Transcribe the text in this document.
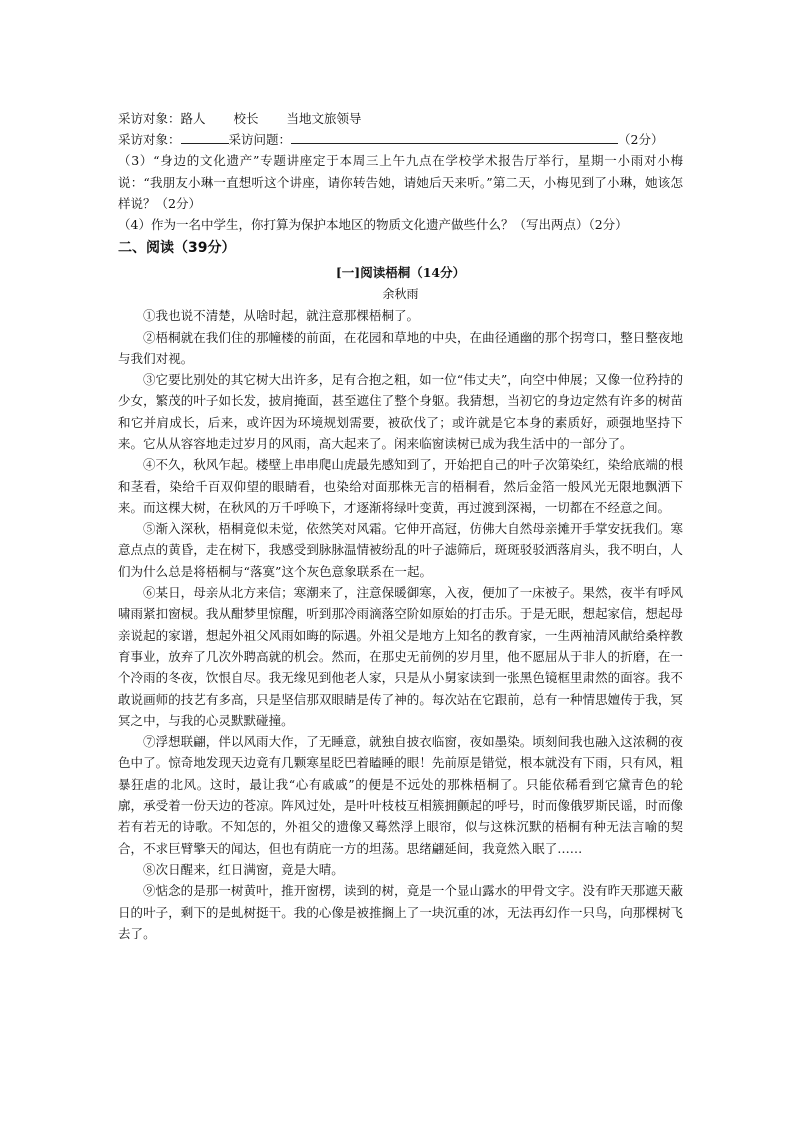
采访对象：路人 校长 当地文旅领导
采访对象：	采访问题：	（2分）
（3）“身边的文化遗产”专题讲座定于本周三上午九点在学校学术报告厅举行，星期一小雨对小梅说：“我朋友小琳一直想听这个讲座，请你转告她，请她后天来听。”第二天，小梅见到了小琳，她该怎样说？（2分）
（4）作为一名中学生，你打算为保护本地区的物质文化遗产做些什么？（写出两点）（2分）
二、阅读（39分）
[一]阅读梧桐（14分）
余秋雨
①我也说不清楚，从啥时起，就注意那棵梧桐了。
②梧桐就在我们住的那幢楼的前面，在花园和草地的中央，在曲径通幽的那个拐弯口，整日整夜地与我们对视。
③它要比别处的其它树大出许多，足有合抱之粗，如一位“伟丈夫”，向空中伸展；又像一位矜持的少女，繁茂的叶子如长发，披肩掩面，甚至遮住了整个身躯。我猜想，当初它的身边定然有许多的树苗和它并肩成长，后来，或许因为环境规划需要，被砍伐了；或许就是它本身的素质好，顽强地坚持下来。它从从容容地走过岁月的风雨，高大起来了。闲来临窗读树已成为我生活中的一部分了。
④不久，秋风乍起。楼壁上串串爬山虎最先感知到了，开始把自己的叶子次第染红，染给底端的根和茎看，染给千百双仰望的眼睛看，也染给对面那株无言的梧桐看，然后金箔一般风光无限地飘洒下来。而这棵大树，在秋风的万千呼唤下，才逐渐将绿叶变黄，再过渡到深褐，一切都在不经意之间。
⑤渐入深秋，梧桐竟似未觉，依然笑对风霜。它伸开高冠，仿佛大自然母亲摊开手掌安抚我们。寒意点点的黄昏，走在树下，我感受到脉脉温情被纷乱的叶子滤筛后，斑斑驳驳洒落肩头，我不明白，人们为什么总是将梧桐与“落寞”这个灰色意象联系在一起。
⑥某日，母亲从北方来信；寒潮来了，注意保暖御寒，入夜，便加了一床被子。果然，夜半有呼风啸雨紧扣窗棂。我从酣梦里惊醒，听到那冷雨滴落空阶如原始的打击乐。于是无眠，想起家信，想起母亲说起的家谱，想起外祖父风雨如晦的际遇。外祖父是地方上知名的教育家，一生两袖清风献给桑梓教育事业，放弃了几次外聘高就的机会。然而，在那史无前例的岁月里，他不愿屈从于非人的折磨，在一个冷雨的冬夜，饮恨自尽。我无缘见到他老人家，只是从小舅家读到一张黑色镜框里肃然的面容。我不敢说画师的技艺有多高，只是坚信那双眼睛是传了神的。每次站在它跟前，总有一种情思嬗传于我，冥冥之中，与我的心灵默默碰撞。
⑦浮想联翩，伴以风雨大作，了无睡意，就独自披衣临窗，夜如墨染。顷刻间我也融入这浓稠的夜色中了。惊奇地发现天边竟有几颗寒星眨巴着瞌睡的眼！先前原是错觉，根本就没有下雨，只有风，粗暴狂虐的北风。这时，最让我“心有戚戚”的便是不远处的那株梧桐了。只能依稀看到它黛青色的轮廓，承受着一份天边的苍凉。阵风过处，是叶叶枝枝互相簇拥颤起的呼号，时而像俄罗斯民谣，时而像若有若无的诗歌。不知怎的，外祖父的遗像又蓦然浮上眼帘，似与这株沉默的梧桐有种无法言喻的契合，不求巨臂擎天的闻达，但也有荫庇一方的坦荡。思绪翩延间，我竟然入眠了……
⑧次日醒来，红日满窗，竟是大晴。
⑨惦念的是那一树黄叶，推开窗楞，读到的树，竟是一个显山露水的甲骨文字。没有昨天那遮天蔽日的叶子，剩下的是虬树挺干。我的心像是被推搁上了一块沉重的冰，无法再幻作一只鸟，向那棵树飞去了。
